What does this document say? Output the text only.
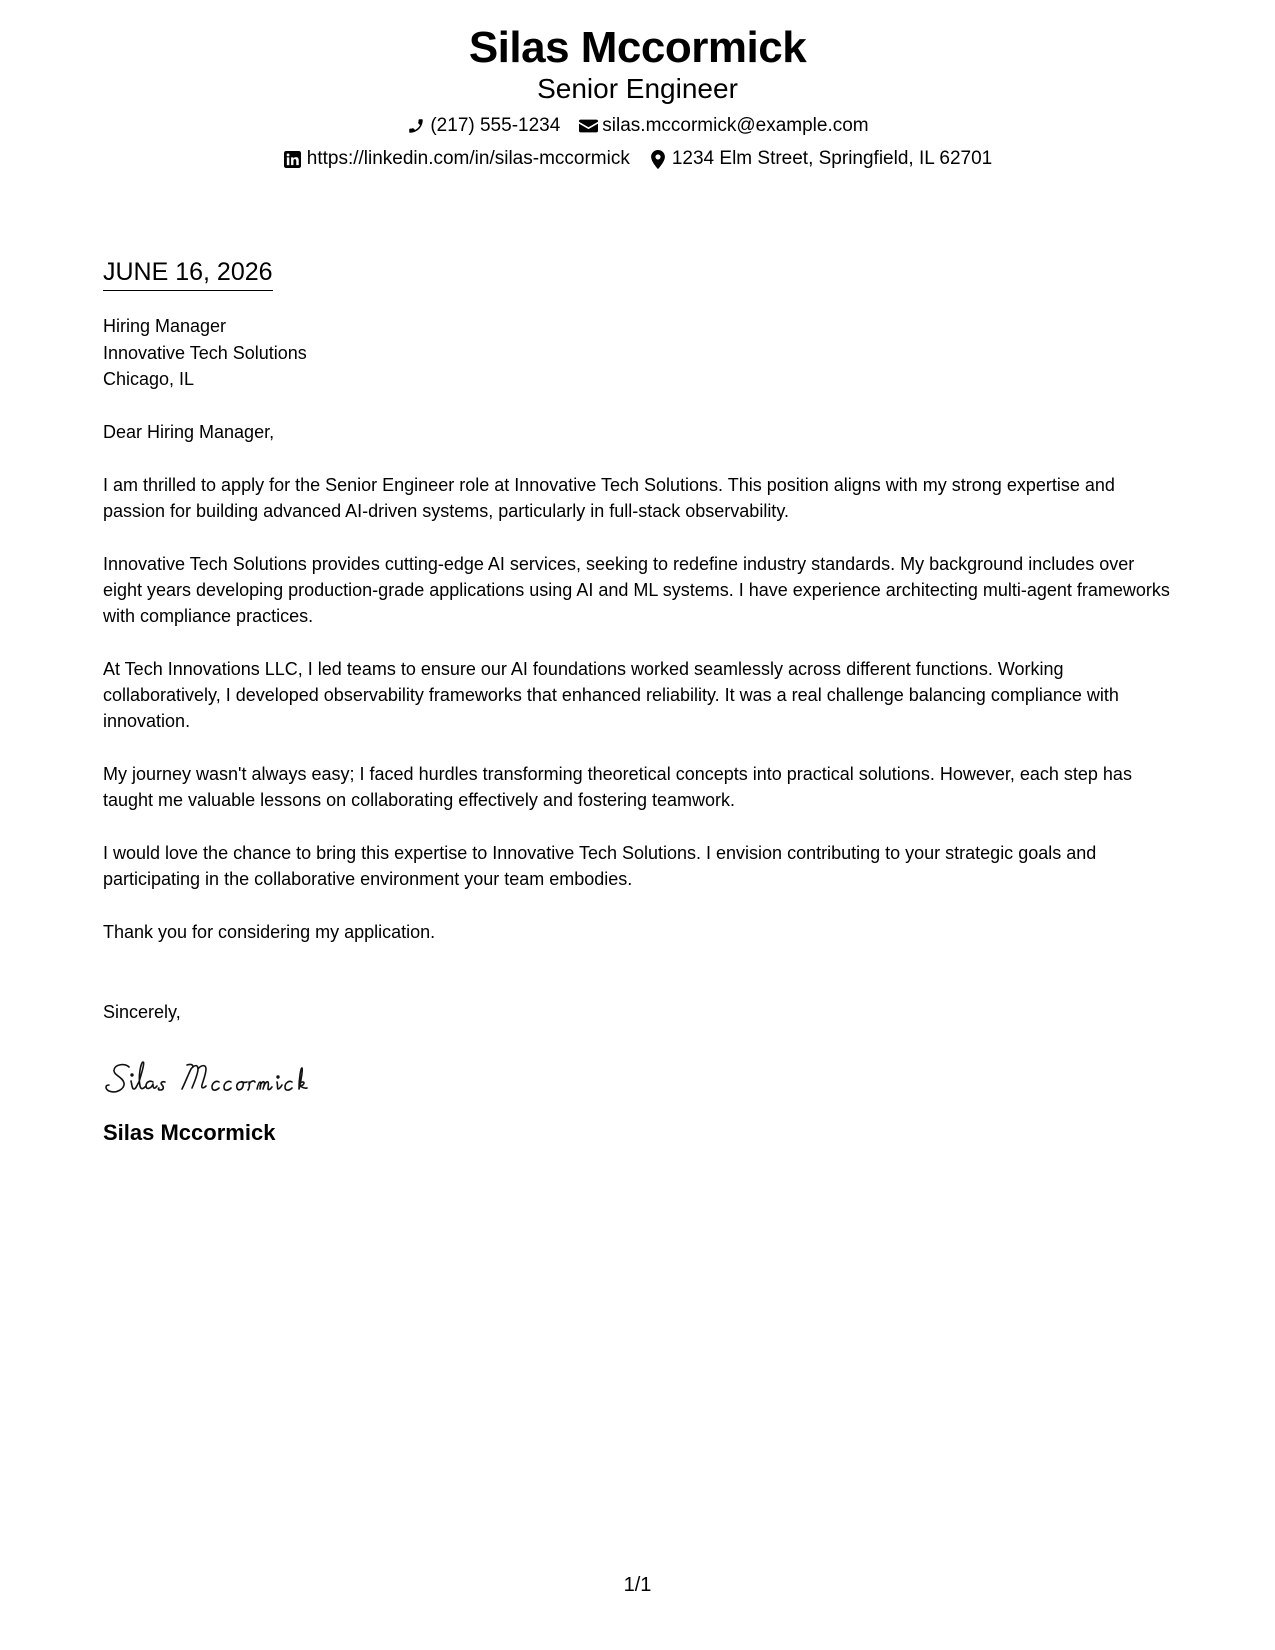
Silas Mccormick
Senior Engineer
(217) 555-1234 silas.mccormick@example.com
https://linkedin.com/in/silas-mccormick 1234 Elm Street, Springfield, IL 62701
JUNE 16, 2026
Hiring Manager
Innovative Tech Solutions
Chicago, IL
Dear Hiring Manager,
I am thrilled to apply for the Senior Engineer role at Innovative Tech Solutions. This position aligns with my strong expertise and passion for building advanced AI-driven systems, particularly in full-stack observability.
Innovative Tech Solutions provides cutting-edge AI services, seeking to redefine industry standards. My background includes over eight years developing production-grade applications using AI and ML systems. I have experience architecting multi-agent frameworks with compliance practices.
At Tech Innovations LLC, I led teams to ensure our AI foundations worked seamlessly across different functions. Working collaboratively, I developed observability frameworks that enhanced reliability. It was a real challenge balancing compliance with innovation.
My journey wasn't always easy; I faced hurdles transforming theoretical concepts into practical solutions. However, each step has taught me valuable lessons on collaborating effectively and fostering teamwork.
I would love the chance to bring this expertise to Innovative Tech Solutions. I envision contributing to your strategic goals and participating in the collaborative environment your team embodies.
Thank you for considering my application.
Sincerely,
Silas Mccormick
1/1
